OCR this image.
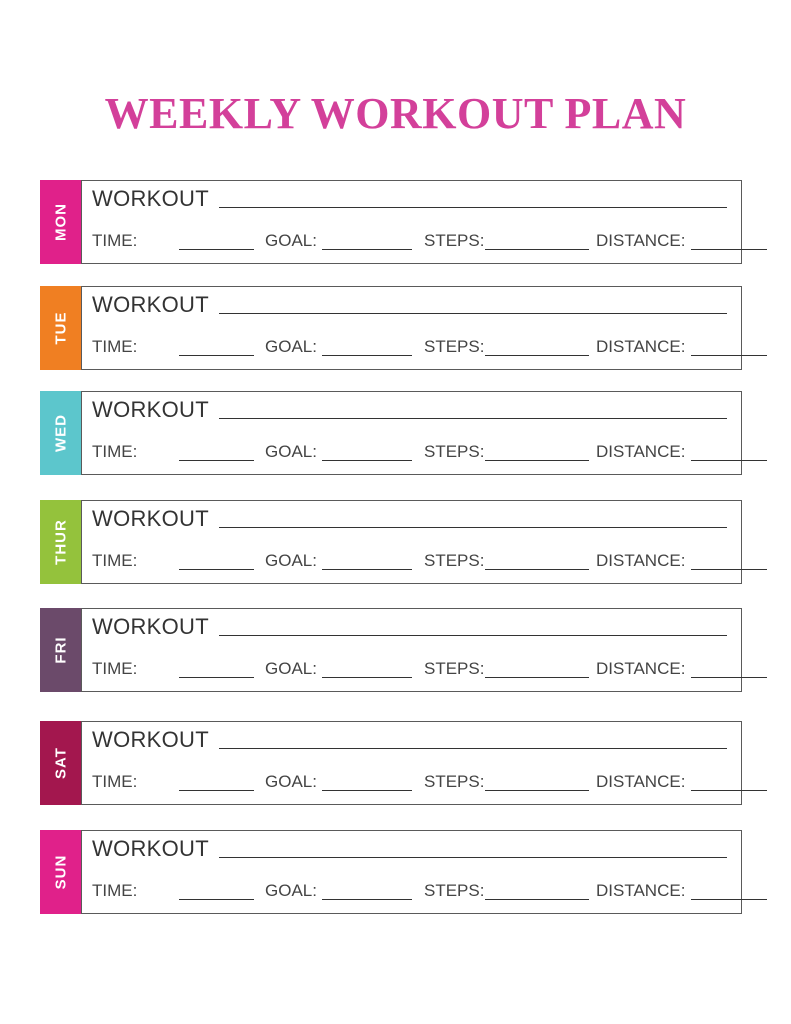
WEEKLY WORKOUT PLAN
MON
WORKOUT
TIME:	GOAL:	STEPS:	DISTANCE:
TUE
WORKOUT
TIME:	GOAL:	STEPS:	DISTANCE:
WED
WORKOUT
TIME:	GOAL:	STEPS:	DISTANCE:
THUR
WORKOUT
TIME:	GOAL:	STEPS:	DISTANCE:
FRI
WORKOUT
TIME:	GOAL:	STEPS:	DISTANCE:
SAT
WORKOUT
TIME:	GOAL:	STEPS:	DISTANCE:
SUN
WORKOUT
TIME:	GOAL:	STEPS:	DISTANCE:
